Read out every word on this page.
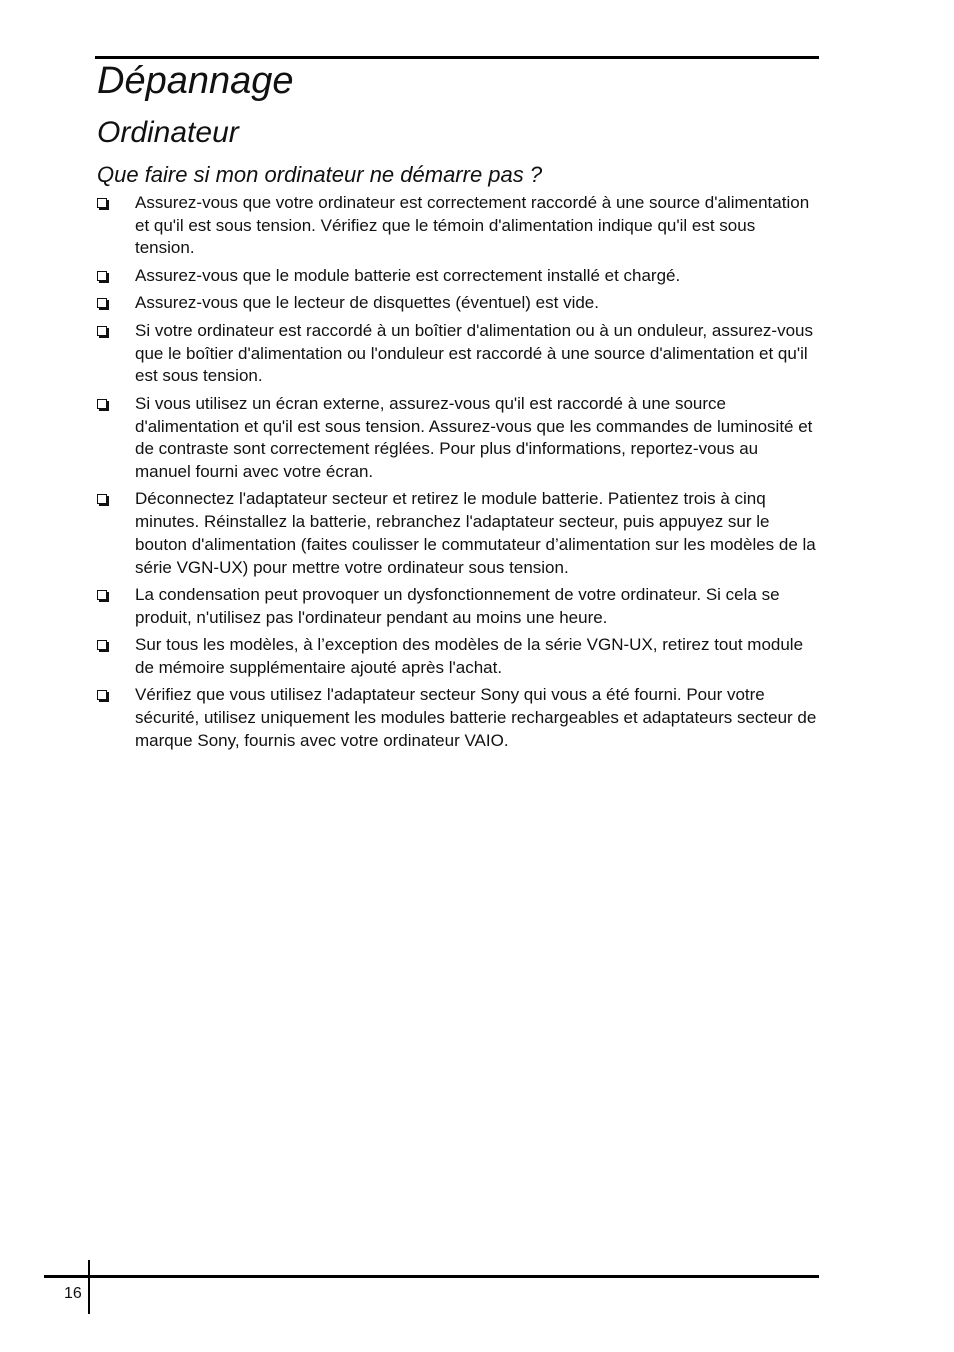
Dépannage
Ordinateur
Que faire si mon ordinateur ne démarre pas ?
Assurez-vous que votre ordinateur est correctement raccordé à une source d'alimentation et qu'il est sous tension. Vérifiez que le témoin d'alimentation indique qu'il est sous tension.
Assurez-vous que le module batterie est correctement installé et chargé.
Assurez-vous que le lecteur de disquettes (éventuel) est vide.
Si votre ordinateur est raccordé à un boîtier d'alimentation ou à un onduleur, assurez-vous que le boîtier d'alimentation ou l'onduleur est raccordé à une source d'alimentation et qu'il est sous tension.
Si vous utilisez un écran externe, assurez-vous qu'il est raccordé à une source d'alimentation et qu'il est sous tension. Assurez-vous que les commandes de luminosité et de contraste sont correctement réglées. Pour plus d'informations, reportez-vous au manuel fourni avec votre écran.
Déconnectez l'adaptateur secteur et retirez le module batterie. Patientez trois à cinq minutes. Réinstallez la batterie, rebranchez l'adaptateur secteur, puis appuyez sur le bouton d'alimentation (faites coulisser le commutateur d’alimentation sur les modèles de la série VGN-UX) pour mettre votre ordinateur sous tension.
La condensation peut provoquer un dysfonctionnement de votre ordinateur. Si cela se produit, n'utilisez pas l'ordinateur pendant au moins une heure.
Sur tous les modèles, à l’exception des modèles de la série VGN-UX, retirez tout module de mémoire supplémentaire ajouté après l'achat.
Vérifiez que vous utilisez l'adaptateur secteur Sony qui vous a été fourni. Pour votre sécurité, utilisez uniquement les modules batterie rechargeables et adaptateurs secteur de marque Sony, fournis avec votre ordinateur VAIO.
16
